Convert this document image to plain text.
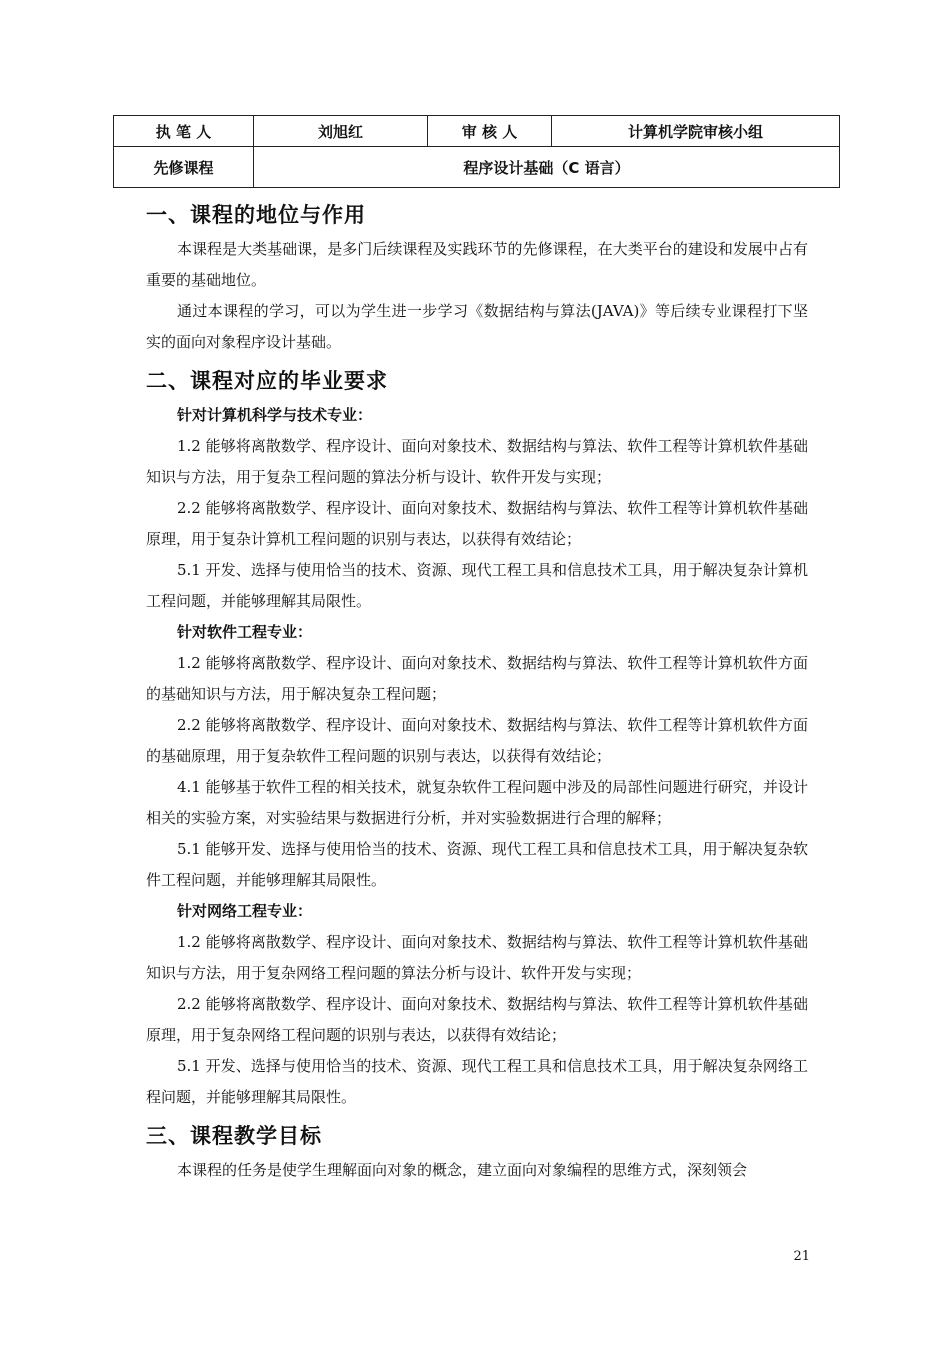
执 笔 人	刘旭红	审 核 人	计算机学院审核小组
先修课程	程序设计基础（C 语言）		
一、课程的地位与作用

本课程是大类基础课，是多门后续课程及实践环节的先修课程，在大类平台的建设和发展中占有重要的基础地位。

通过本课程的学习，可以为学生进一步学习《数据结构与算法(JAVA)》等后续专业课程打下坚实的面向对象程序设计基础。

二、课程对应的毕业要求

针对计算机科学与技术专业：

1.2 能够将离散数学、程序设计、面向对象技术、数据结构与算法、软件工程等计算机软件基础知识与方法，用于复杂工程问题的算法分析与设计、软件开发与实现；

2.2 能够将离散数学、程序设计、面向对象技术、数据结构与算法、软件工程等计算机软件基础原理，用于复杂计算机工程问题的识别与表达，以获得有效结论；

5.1 开发、选择与使用恰当的技术、资源、现代工程工具和信息技术工具，用于解决复杂计算机工程问题，并能够理解其局限性。

针对软件工程专业：

1.2 能够将离散数学、程序设计、面向对象技术、数据结构与算法、软件工程等计算机软件方面的基础知识与方法，用于解决复杂工程问题；

2.2 能够将离散数学、程序设计、面向对象技术、数据结构与算法、软件工程等计算机软件方面的基础原理，用于复杂软件工程问题的识别与表达，以获得有效结论；

4.1 能够基于软件工程的相关技术，就复杂软件工程问题中涉及的局部性问题进行研究，并设计相关的实验方案，对实验结果与数据进行分析，并对实验数据进行合理的解释；

5.1 能够开发、选择与使用恰当的技术、资源、现代工程工具和信息技术工具，用于解决复杂软件工程问题，并能够理解其局限性。

针对网络工程专业：

1.2 能够将离散数学、程序设计、面向对象技术、数据结构与算法、软件工程等计算机软件基础知识与方法，用于复杂网络工程问题的算法分析与设计、软件开发与实现；

2.2 能够将离散数学、程序设计、面向对象技术、数据结构与算法、软件工程等计算机软件基础原理，用于复杂网络工程问题的识别与表达，以获得有效结论；

5.1 开发、选择与使用恰当的技术、资源、现代工程工具和信息技术工具，用于解决复杂网络工程问题，并能够理解其局限性。

三、课程教学目标

本课程的任务是使学生理解面向对象的概念，建立面向对象编程的思维方式，深刻领会

21
